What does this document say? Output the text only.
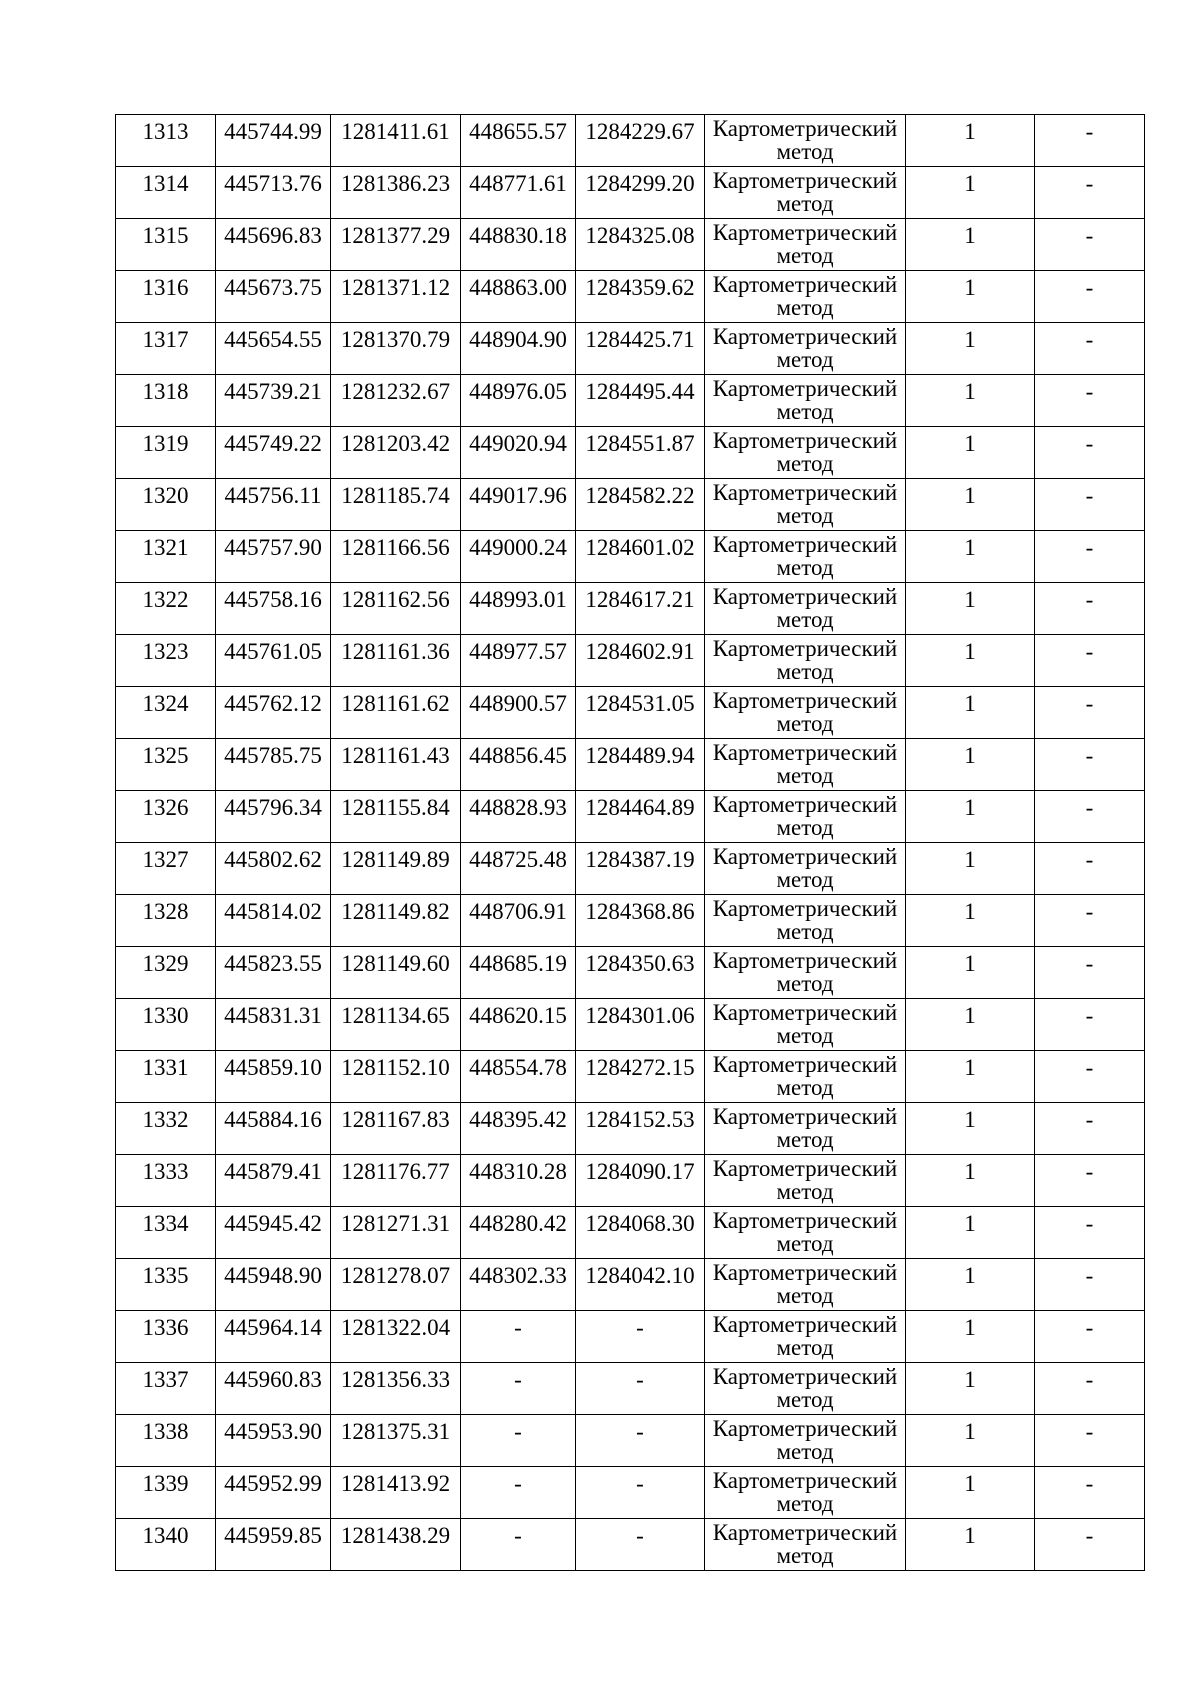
1313	445744.99	1281411.61	448655.57	1284229.67	Картометрический метод	1	-
1314	445713.76	1281386.23	448771.61	1284299.20	Картометрический метод	1	-
1315	445696.83	1281377.29	448830.18	1284325.08	Картометрический метод	1	-
1316	445673.75	1281371.12	448863.00	1284359.62	Картометрический метод	1	-
1317	445654.55	1281370.79	448904.90	1284425.71	Картометрический метод	1	-
1318	445739.21	1281232.67	448976.05	1284495.44	Картометрический метод	1	-
1319	445749.22	1281203.42	449020.94	1284551.87	Картометрический метод	1	-
1320	445756.11	1281185.74	449017.96	1284582.22	Картометрический метод	1	-
1321	445757.90	1281166.56	449000.24	1284601.02	Картометрический метод	1	-
1322	445758.16	1281162.56	448993.01	1284617.21	Картометрический метод	1	-
1323	445761.05	1281161.36	448977.57	1284602.91	Картометрический метод	1	-
1324	445762.12	1281161.62	448900.57	1284531.05	Картометрический метод	1	-
1325	445785.75	1281161.43	448856.45	1284489.94	Картометрический метод	1	-
1326	445796.34	1281155.84	448828.93	1284464.89	Картометрический метод	1	-
1327	445802.62	1281149.89	448725.48	1284387.19	Картометрический метод	1	-
1328	445814.02	1281149.82	448706.91	1284368.86	Картометрический метод	1	-
1329	445823.55	1281149.60	448685.19	1284350.63	Картометрический метод	1	-
1330	445831.31	1281134.65	448620.15	1284301.06	Картометрический метод	1	-
1331	445859.10	1281152.10	448554.78	1284272.15	Картометрический метод	1	-
1332	445884.16	1281167.83	448395.42	1284152.53	Картометрический метод	1	-
1333	445879.41	1281176.77	448310.28	1284090.17	Картометрический метод	1	-
1334	445945.42	1281271.31	448280.42	1284068.30	Картометрический метод	1	-
1335	445948.90	1281278.07	448302.33	1284042.10	Картометрический метод	1	-
1336	445964.14	1281322.04	-	-	Картометрический метод	1	-
1337	445960.83	1281356.33	-	-	Картометрический метод	1	-
1338	445953.90	1281375.31	-	-	Картометрический метод	1	-
1339	445952.99	1281413.92	-	-	Картометрический метод	1	-
1340	445959.85	1281438.29	-	-	Картометрический метод	1	-
